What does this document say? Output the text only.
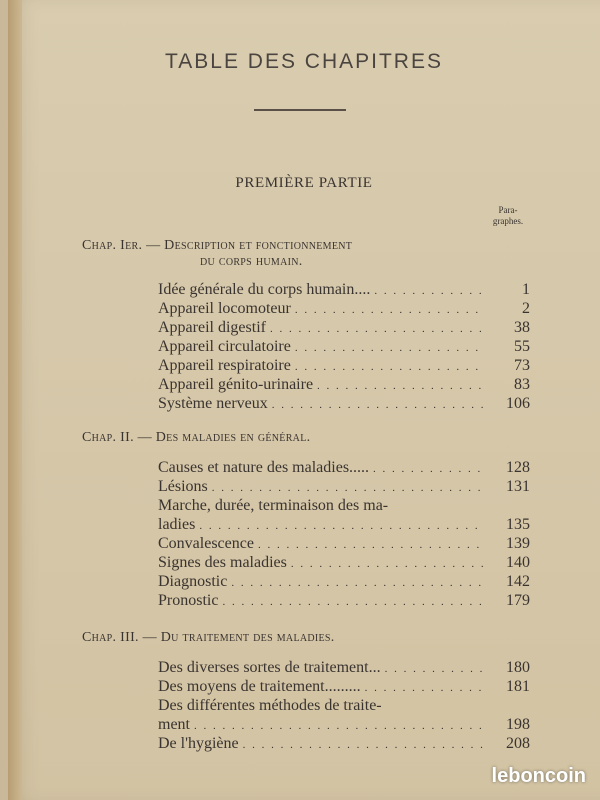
TABLE DES CHAPITRES
PREMIÈRE PARTIE
Para-
graphes.
Chap. Ier. — Description et fonctionnement
du corps humain.
Idée générale du corps humain.... . . .	1
Appareil locomoteur . . .	2
Appareil digestif . . .	38
Appareil circulatoire . . .	55
Appareil respiratoire . . .	73
Appareil génito-urinaire . . .	83
Système nerveux . . .	106
Chap. II. — Des maladies en général.
Causes et nature des maladies..... . . .	128
Lésions . . .	131
Marche, durée, terminaison des ma-
ladies . . .	135
Convalescence . . .	139
Signes des maladies . . .	140
Diagnostic . . .	142
Pronostic . . .	179
Chap. III. — Du traitement des maladies.
Des diverses sortes de traitement... . . .	180
Des moyens de traitement......... . . .	181
Des différentes méthodes de traite-
ment . . .	198
De l'hygiène . . .	208
leboncoin
